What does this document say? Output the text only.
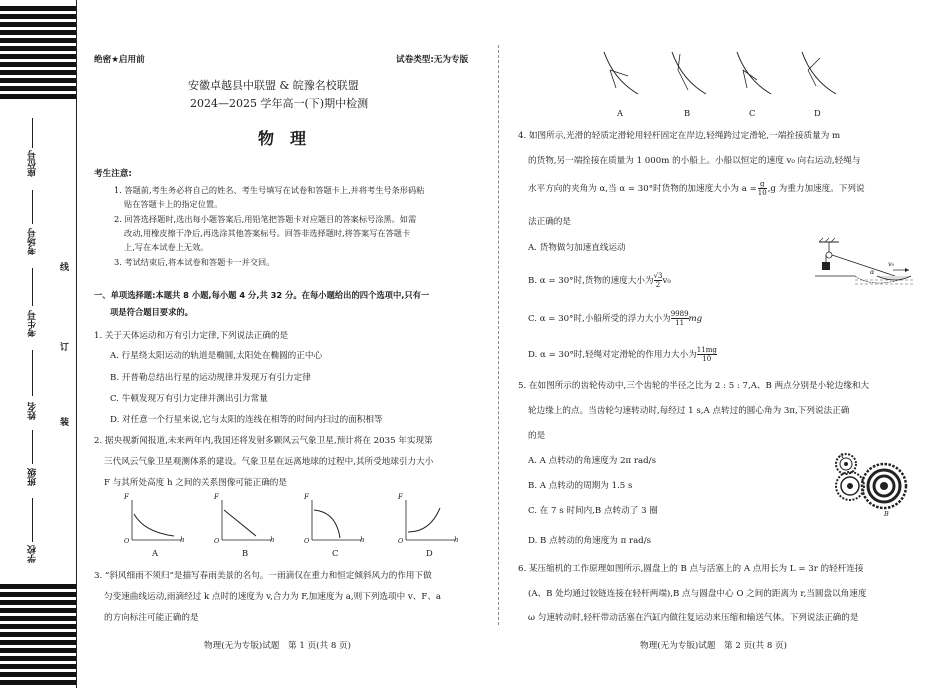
座位号
考场号
考生号
姓名
班级
学校
线
订
装
绝密★启用前	试卷类型:无为专版
安徽卓越县中联盟 & 皖豫名校联盟
2024—2025 学年高一(下)期中检测
物　理
考生注意:
1. 答题前,考生务必将自己的姓名、考生号填写在试卷和答题卡上,并将考生号条形码粘
贴在答题卡上的指定位置。
2. 回答选择题时,选出每小题答案后,用铅笔把答题卡对应题目的答案标号涂黑。如需
改动,用橡皮擦干净后,再选涂其他答案标号。回答非选择题时,将答案写在答题卡
上,写在本试卷上无效。
3. 考试结束后,将本试卷和答题卡一并交回。
一、单项选择题:本题共 8 小题,每小题 4 分,共 32 分。在每小题给出的四个选项中,只有一
项是符合题目要求的。
1. 关于天体运动和万有引力定律,下列说法正确的是
A. 行星绕太阳运动的轨道是椭圆,太阳处在椭圆的正中心
B. 开普勒总结出行星的运动规律并发现万有引力定律
C. 牛顿发现万有引力定律并测出引力常量
D. 对任意一个行星来说,它与太阳的连线在相等的时间内扫过的面积相等
2. 据央视新闻报道,未来两年内,我国还将发射多颗风云气象卫星,预计将在 2035 年实现第
三代风云气象卫星观测体系的建设。气象卫星在远离地球的过程中,其所受地球引力大小
F 与其所处高度 h 之间的关系图像可能正确的是
F
h
O
F
h
O
F
h
O
F
h
O
A	B	C	D
3. “斜风细雨不须归”是描写春雨美景的名句。一雨滴仅在重力和恒定倾斜风力的作用下做
匀变速曲线运动,雨滴经过 k 点时的速度为 v,合力为 F,加速度为 a,则下列选项中 v、F、a
的方向标注可能正确的是
物理(无为专版)试题　第 1 页(共 8 页)
A	B	C	D
4. 如图所示,光滑的轻质定滑轮用轻杆固定在岸边,轻绳跨过定滑轮,一端拴接质量为 m
的货物,另一端拴接在质量为 1 000m 的小船上。小船以恒定的速度 v₀ 向右运动,轻绳与
水平方向的夹角为 α,当 α = 30°时货物的加速度大小为 $a = \frac{g}{10} ,g$ 为重力加速度。下列说
法正确的是
A. 货物做匀加速直线运动
B. α = 30°时,货物的速度大小为 $\frac{√3}{2} v_0$
C. α = 30°时,小船所受的浮力大小为 $\frac{9989}{11}$ mg
D. α = 30°时,轻绳对定滑轮的作用力大小为 $\frac{11mg}{10}$
α
v₀
5. 在如图所示的齿轮传动中,三个齿轮的半径之比为 2 : 5 : 7,A、B 两点分别是小轮边缘和大
轮边缘上的点。当齿轮匀速转动时,每经过 1 s,A 点转过的圆心角为 3π,下列说法正确
的是
A. A 点转动的角速度为 2π rad/s
B. A 点转动的周期为 1.5 s
C. 在 7 s 时间内,B 点转动了 3 圈
D. B 点转动的角速度为 π rad/s
A
B
6. 某压缩机的工作原理如图所示,圆盘上的 B 点与活塞上的 A 点用长为 L = 3r 的轻杆连接
(A、B 处均通过铰链连接在轻杆两端),B 点与圆盘中心 O 之间的距离为 r,当圆盘以角速度
ω 匀速转动时,轻杆带动活塞在汽缸内做往复运动来压缩和输送气体。下列说法正确的是
物理(无为专版)试题　第 2 页(共 8 页)
